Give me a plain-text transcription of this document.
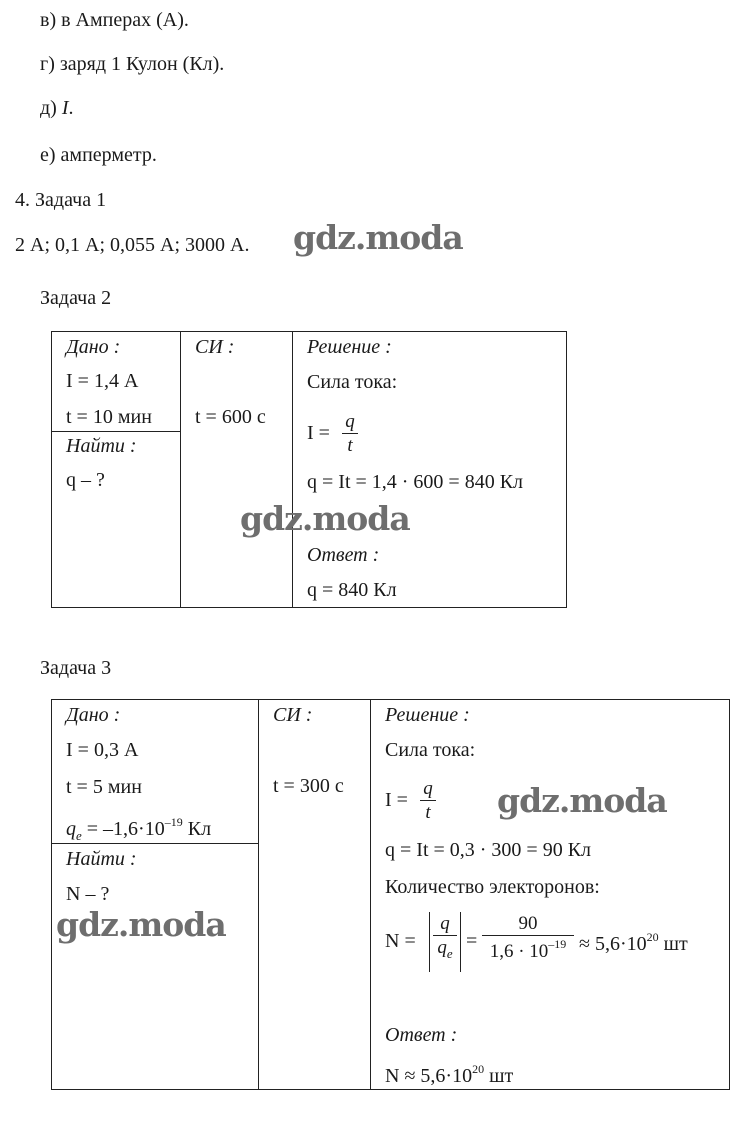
в) в Амперах (А).
г) заряд 1 Кулон (Кл).
д) I.
е) амперметр.
4. Задача 1
2 А; 0,1 А; 0,055 А; 3000 А. gdz.moda
Задача 2
Дано :
I = 1,4 А
t = 10 мин
Найти :
q – ?
СИ :
t = 600 с
Решение :
Сила тока:
I =
q
t
q = It = 1,4 · 600 = 840 Кл
gdz.moda
Ответ :
q = 840 Кл
Задача 3
Дано :
I = 0,3 А
t = 5 мин
$q_e = -1,6\cdot 10^{-19}$ Кл
Найти :
N – ?
gdz.moda
СИ :
t = 300 с
Решение :
Сила тока:
I =
q
t gdz.moda
q = It = 0,3 · 300 = 90 Кл
Количество электоронов:
N =
q
$q_e$
=
90
$1,6 \cdot 10^{-19} \approx 5,6\cdot 10^{20}$ шт
Ответ :
$N \approx 5,6\cdot 10^{20}$ шт
